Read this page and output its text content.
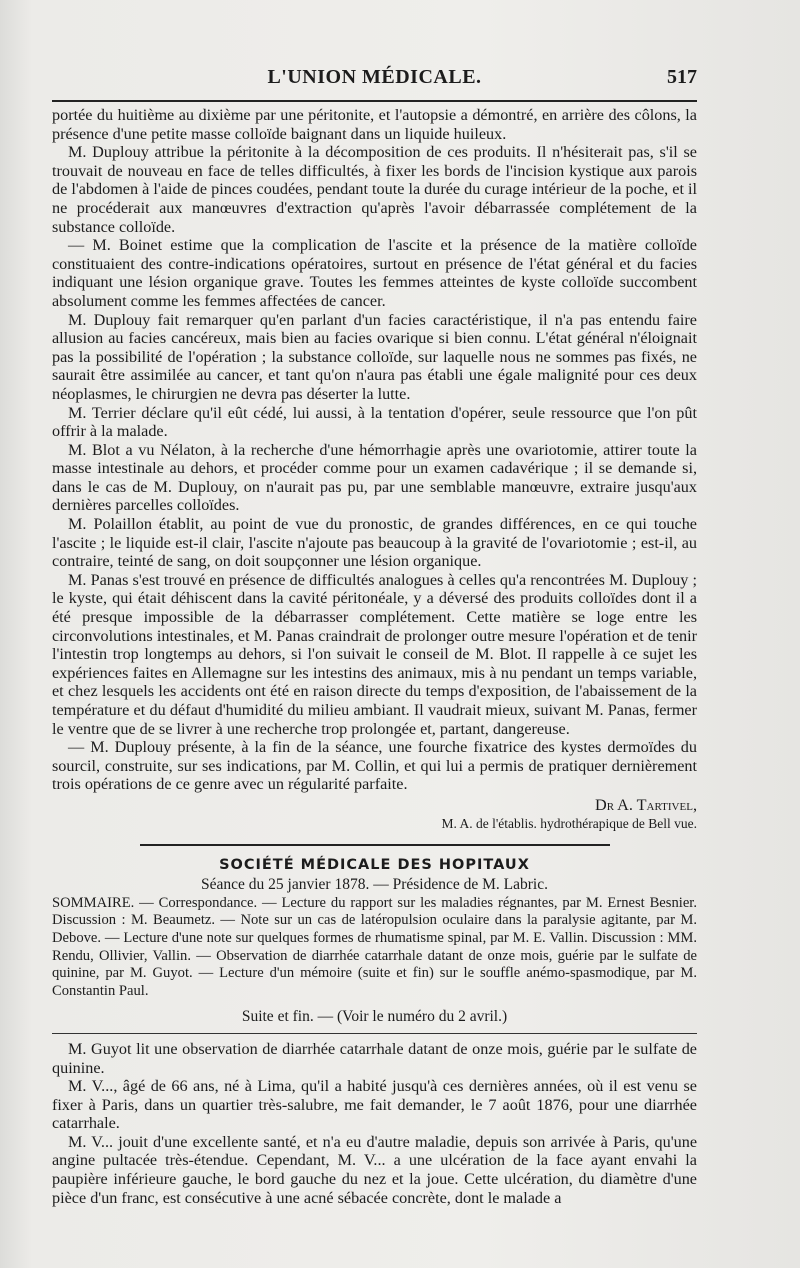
L'UNION MÉDICALE.	517

portée du huitième au dixième par une péritonite, et l'autopsie a démontré, en arrière des côlons, la présence d'une petite masse colloïde baignant dans un liquide huileux.

M. Duplouy attribue la péritonite à la décomposition de ces produits. Il n'hésiterait pas, s'il se trouvait de nouveau en face de telles difficultés, à fixer les bords de l'incision kystique aux parois de l'abdomen à l'aide de pinces coudées, pendant toute la durée du curage intérieur de la poche, et il ne procéderait aux manœuvres d'extraction qu'après l'avoir débarrassée complétement de la substance colloïde.

— M. Boinet estime que la complication de l'ascite et la présence de la matière colloïde constituaient des contre-indications opératoires, surtout en présence de l'état général et du facies indiquant une lésion organique grave. Toutes les femmes atteintes de kyste colloïde succombent absolument comme les femmes affectées de cancer.

M. Duplouy fait remarquer qu'en parlant d'un facies caractéristique, il n'a pas entendu faire allusion au facies cancéreux, mais bien au facies ovarique si bien connu. L'état général n'éloignait pas la possibilité de l'opération ; la substance colloïde, sur laquelle nous ne sommes pas fixés, ne saurait être assimilée au cancer, et tant qu'on n'aura pas établi une égale malignité pour ces deux néoplasmes, le chirurgien ne devra pas déserter la lutte.

M. Terrier déclare qu'il eût cédé, lui aussi, à la tentation d'opérer, seule ressource que l'on pût offrir à la malade.

M. Blot a vu Nélaton, à la recherche d'une hémorrhagie après une ovariotomie, attirer toute la masse intestinale au dehors, et procéder comme pour un examen cadavérique ; il se demande si, dans le cas de M. Duplouy, on n'aurait pas pu, par une semblable manœuvre, extraire jusqu'aux dernières parcelles colloïdes.

M. Polaillon établit, au point de vue du pronostic, de grandes différences, en ce qui touche l'ascite ; le liquide est-il clair, l'ascite n'ajoute pas beaucoup à la gravité de l'ovariotomie ; est-il, au contraire, teinté de sang, on doit soupçonner une lésion organique.

M. Panas s'est trouvé en présence de difficultés analogues à celles qu'a rencontrées M. Duplouy ; le kyste, qui était déhiscent dans la cavité péritonéale, y a déversé des produits colloïdes dont il a été presque impossible de la débarrasser complétement. Cette matière se loge entre les circonvolutions intestinales, et M. Panas craindrait de prolonger outre mesure l'opération et de tenir l'intestin trop longtemps au dehors, si l'on suivait le conseil de M. Blot. Il rappelle à ce sujet les expériences faites en Allemagne sur les intestins des animaux, mis à nu pendant un temps variable, et chez lesquels les accidents ont été en raison directe du temps d'exposition, de l'abaissement de la température et du défaut d'humidité du milieu ambiant. Il vaudrait mieux, suivant M. Panas, fermer le ventre que de se livrer à une recherche trop prolongée et, partant, dangereuse.

— M. Duplouy présente, à la fin de la séance, une fourche fixatrice des kystes dermoïdes du sourcil, construite, sur ses indications, par M. Collin, et qui lui a permis de pratiquer dernièrement trois opérations de ce genre avec un régularité parfaite.

Dr A. Tartivel,
M. A. de l'établis. hydrothérapique de Bell vue.
SOCIÉTÉ MÉDICALE DES HOPITAUX
Séance du 25 janvier 1878. — Présidence de M. Labric.

SOMMAIRE. — Correspondance. — Lecture du rapport sur les maladies régnantes, par M. Ernest Besnier. Discussion : M. Beaumetz. — Note sur un cas de latéropulsion oculaire dans la paralysie agitante, par M. Debove. — Lecture d'une note sur quelques formes de rhumatisme spinal, par M. E. Vallin. Discussion : MM. Rendu, Ollivier, Vallin. — Observation de diarrhée catarrhale datant de onze mois, guérie par le sulfate de quinine, par M. Guyot. — Lecture d'un mémoire (suite et fin) sur le souffle anémo-spasmodique, par M. Constantin Paul.

Suite et fin. — (Voir le numéro du 2 avril.)

M. Guyot lit une observation de diarrhée catarrhale datant de onze mois, guérie par le sulfate de quinine.

M. V..., âgé de 66 ans, né à Lima, qu'il a habité jusqu'à ces dernières années, où il est venu se fixer à Paris, dans un quartier très-salubre, me fait demander, le 7 août 1876, pour une diarrhée catarrhale.

M. V... jouit d'une excellente santé, et n'a eu d'autre maladie, depuis son arrivée à Paris, qu'une angine pultacée très-étendue. Cependant, M. V... a une ulcération de la face ayant envahi la paupière inférieure gauche, le bord gauche du nez et la joue. Cette ulcération, du diamètre d'une pièce d'un franc, est consécutive à une acné sébacée concrète, dont le malade a
